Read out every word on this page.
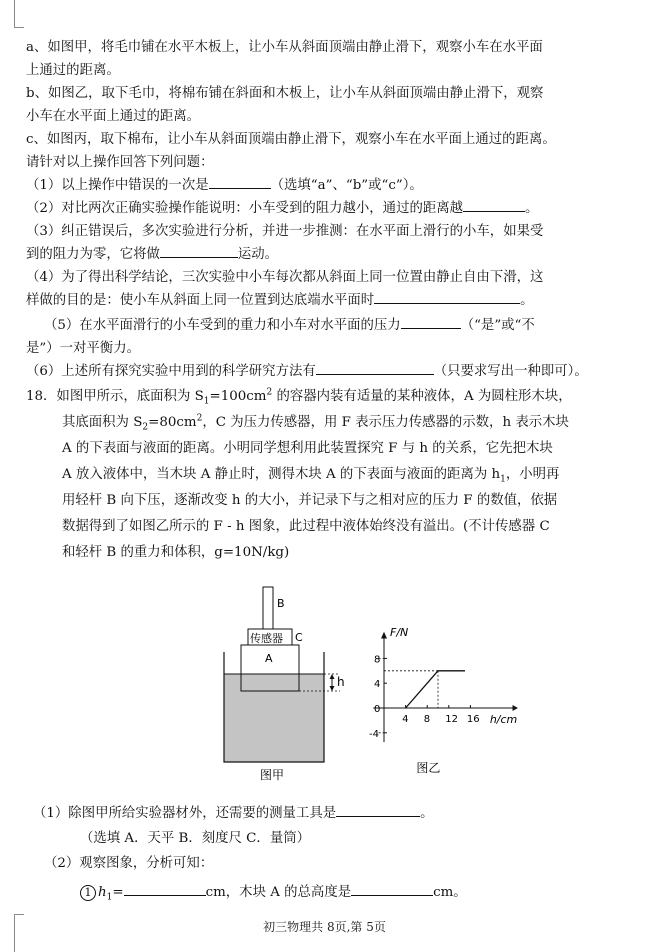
a、如图甲，将毛巾铺在水平木板上，让小车从斜面顶端由静止滑下，观察小车在水平面
上通过的距离。
b、如图乙，取下毛巾，将棉布铺在斜面和木板上，让小车从斜面顶端由静止滑下，观察
小车在水平面上通过的距离。
c、如图丙，取下棉布，让小车从斜面顶端由静止滑下，观察小车在水平面上通过的距离。
请针对以上操作回答下列问题：
（1）以上操作中错误的一次是	（选填“a”、“b”或“c”）。
（2）对比两次正确实验操作能说明：小车受到的阻力越小，通过的距离越	。
（3）纠正错误后，多次实验进行分析，并进一步推测：在水平面上滑行的小车，如果受
到的阻力为零，它将做	运动。
（4）为了得出科学结论，三次实验中小车每次都从斜面上同一位置由静止自由下滑，这
样做的目的是：使小车从斜面上同一位置到达底端水平面时	。
（5）在水平面滑行的小车受到的重力和小车对水平面的压力	（“是”或“不
是”）一对平衡力。
（6）上述所有探究实验中用到的科学研究方法有	（只要求写出一种即可）。
18．如图甲所示，底面积为 $S_1=100cm^2$ 的容器内装有适量的某种液体，A 为圆柱形木块，
其底面积为 $S_2=80cm^2$，C 为压力传感器，用 F 表示压力传感器的示数，h 表示木块
A 的下表面与液面的距离。小明同学想利用此装置探究 F 与 h 的关系，它先把木块
A 放入液体中，当木块 A 静止时，测得木块 A 的下表面与液面的距离为 $h_1$，小明再
用轻杆 B 向下压，逐渐改变 h 的大小，并记录下与之相对应的压力 F 的数值，依据
数据得到了如图乙所示的 F - h 图象，此过程中液体始终没有溢出。(不计传感器 C
和轻杆 B 的重力和体积，g=10N/kg)
B
传感器 C
A
h
图甲
F/N
h/cm
0
4 8 12 16
8
4
-4
图乙
（1）除图甲所给实验器材外，还需要的测量工具是	。
（选填 A．天平 B．刻度尺 C．量筒）
（2）观察图象，分析可知：
1 $h_1=$	cm，木块 A 的总高度是	cm。
初三物理共 8页,第 5页
